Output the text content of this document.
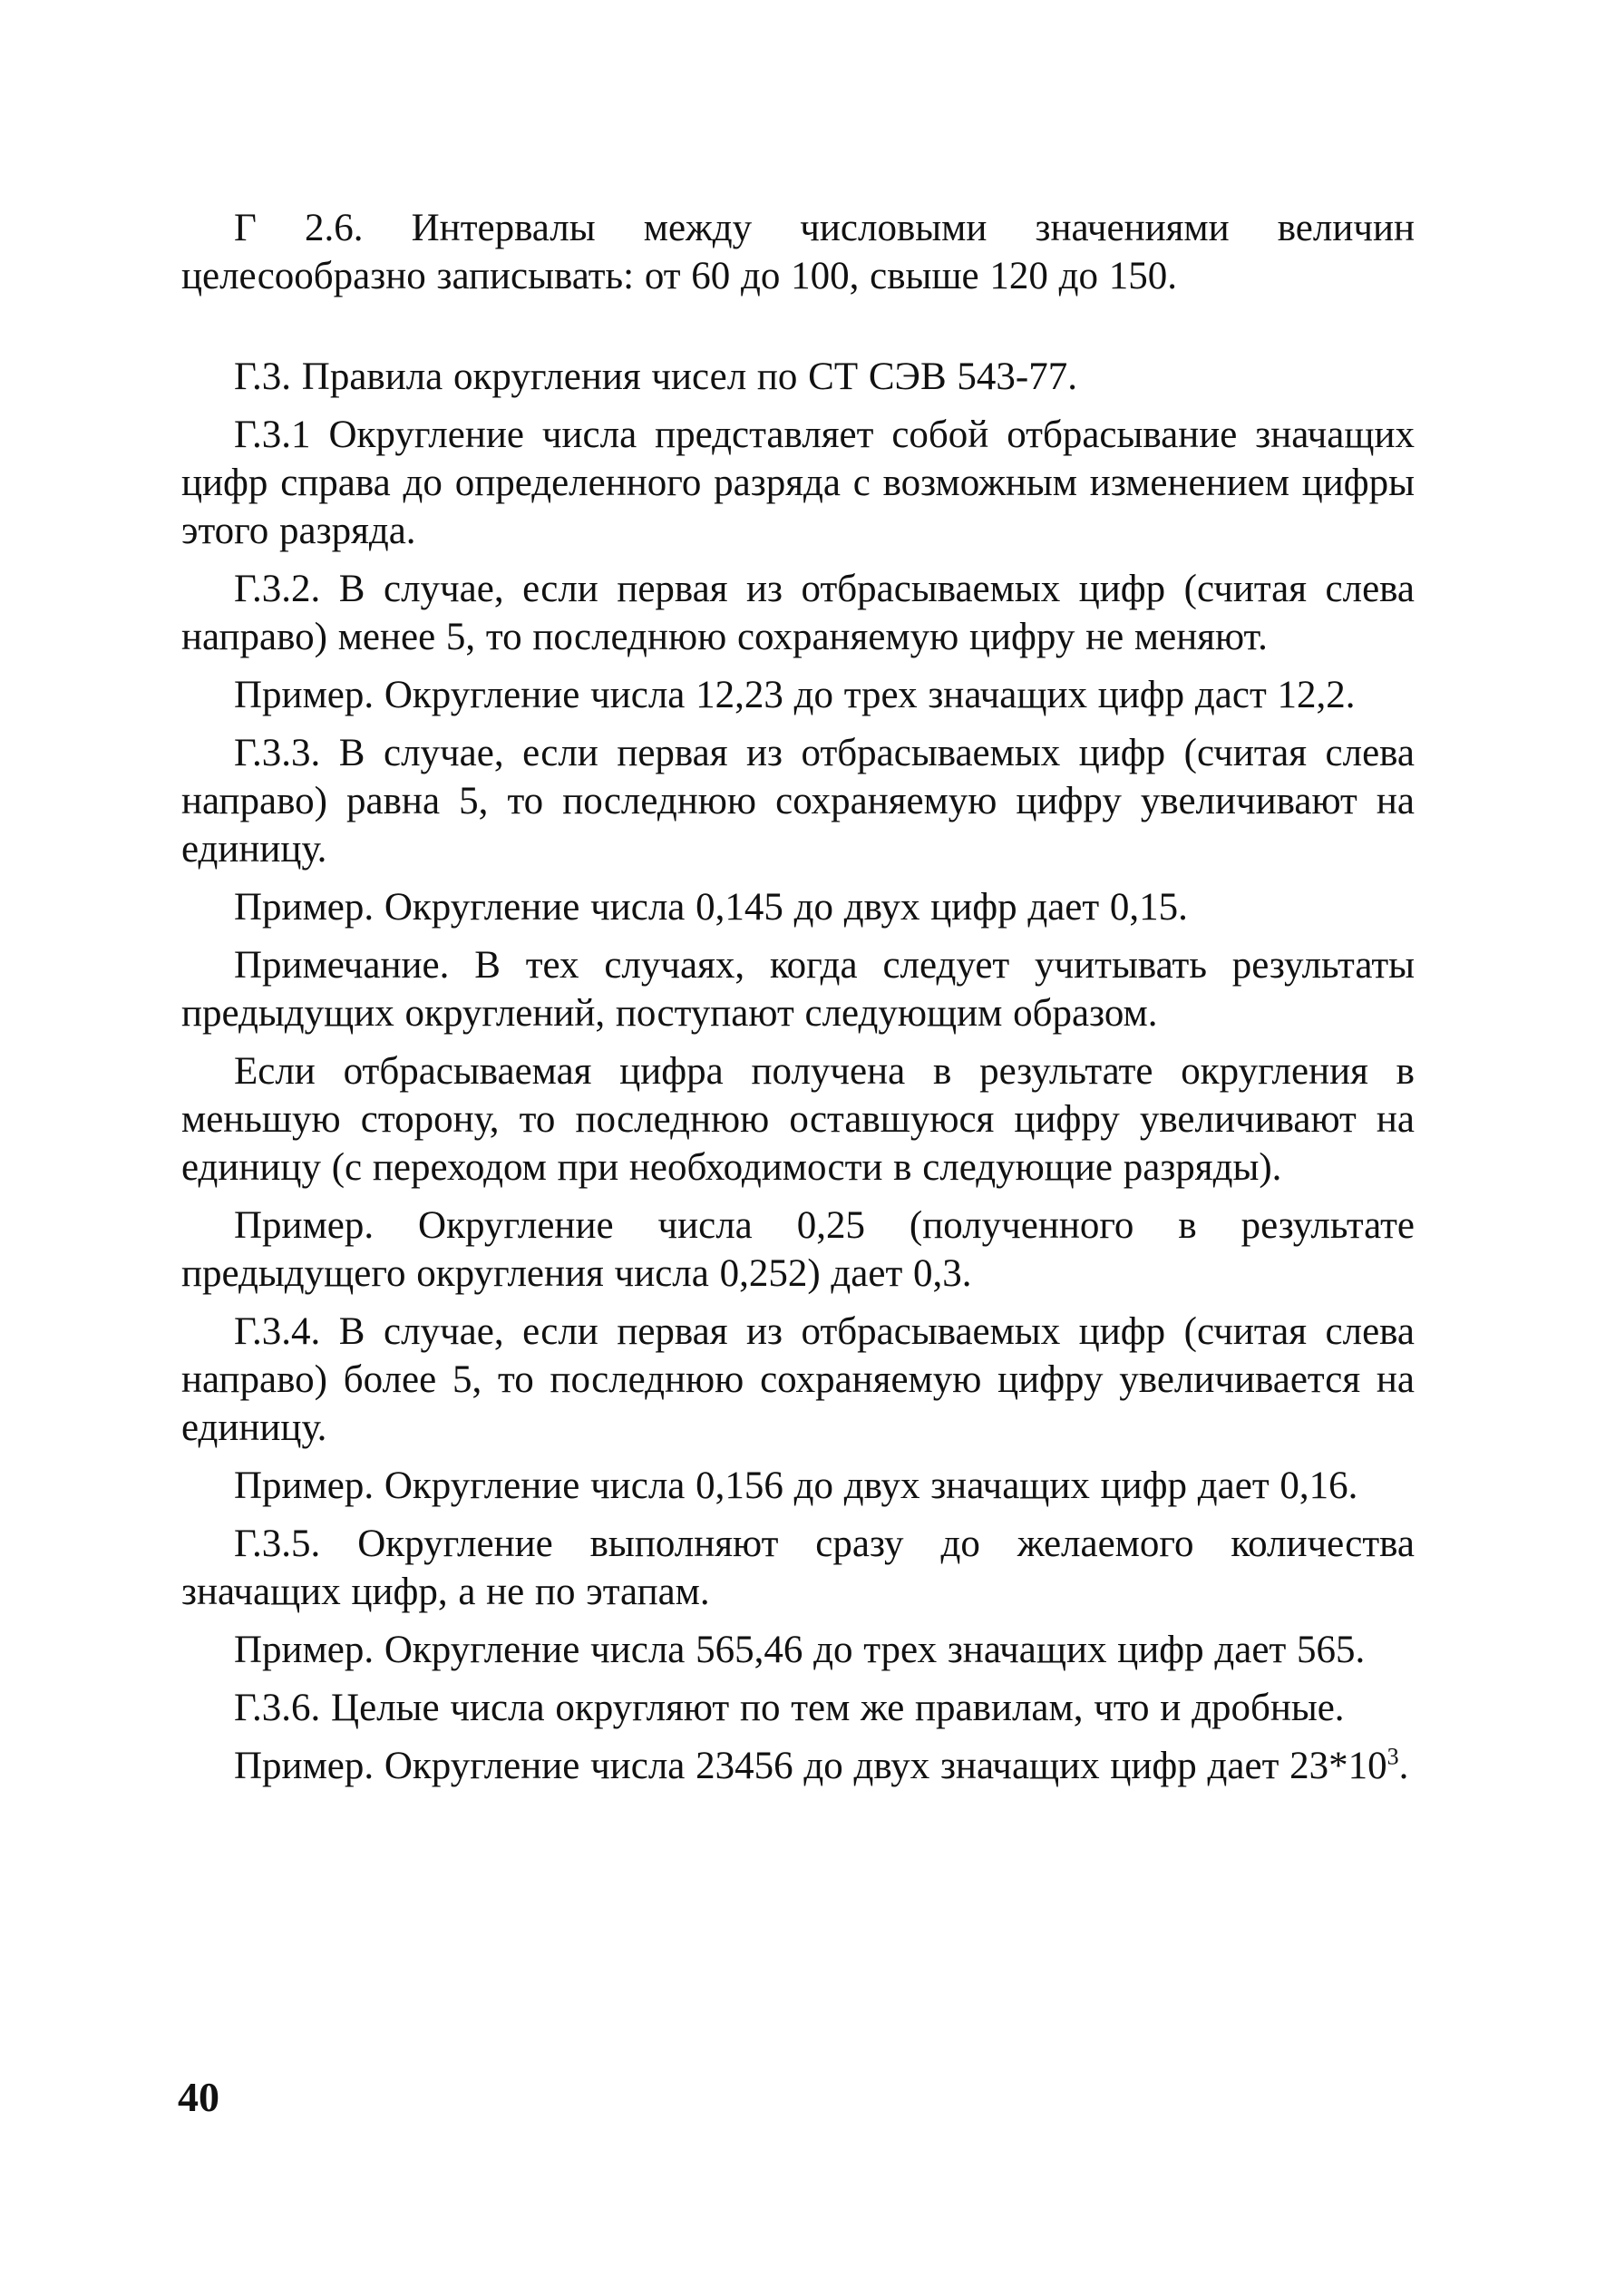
Г 2.6. Интервалы между числовыми значениями величин целесообразно записывать: от 60 до 100, свыше 120 до 150.

Г.3. Правила округления чисел по СТ СЭВ 543-77.

Г.3.1 Округление числа представляет собой отбрасывание значащих цифр справа до определенного разряда с возможным изменением цифры этого разряда.

Г.3.2. В случае, если первая из отбрасываемых цифр (считая слева направо) менее 5, то последнюю сохраняемую цифру не меняют.

Пример. Округление числа 12,23 до трех значащих цифр даст 12,2.

Г.3.3. В случае, если первая из отбрасываемых цифр (считая слева направо) равна 5, то последнюю сохраняемую цифру увеличивают на единицу.

Пример. Округление числа 0,145 до двух цифр дает 0,15.

Примечание. В тех случаях, когда следует учитывать результаты предыдущих округлений, поступают следующим образом.

Если отбрасываемая цифра получена в результате округления в меньшую сторону, то последнюю оставшуюся цифру увеличивают на единицу (с переходом при необходимости в следующие разряды).

Пример. Округление числа 0,25 (полученного в результате предыдущего округления числа 0,252) дает 0,3.

Г.3.4. В случае, если первая из отбрасываемых цифр (считая слева направо) более 5, то последнюю сохраняемую цифру увеличивается на единицу.

Пример. Округление числа 0,156 до двух значащих цифр дает 0,16.

Г.3.5. Округление выполняют сразу до желаемого количества значащих цифр, а не по этапам.

Пример. Округление числа 565,46 до трех значащих цифр дает 565.

Г.3.6. Целые числа округляют по тем же правилам, что и дробные.

Пример. Округление числа 23456 до двух значащих цифр дает $23*10^3$.

40
